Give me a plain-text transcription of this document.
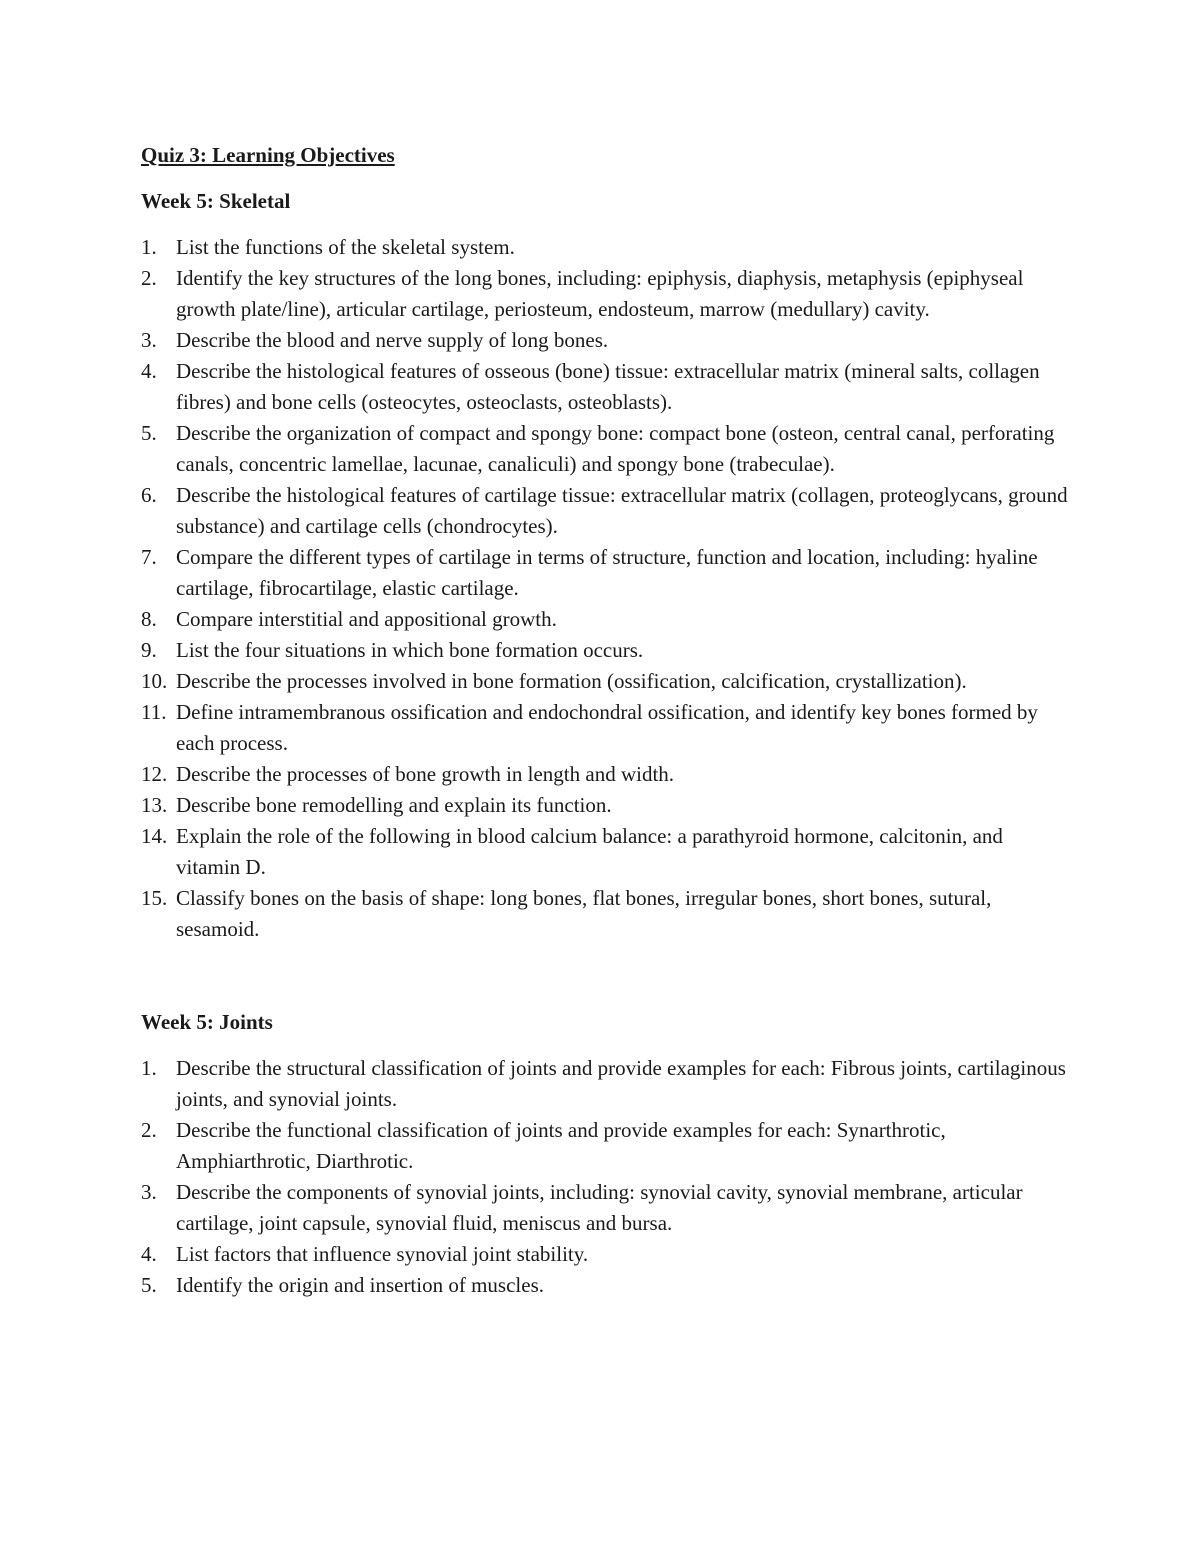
Quiz 3: Learning Objectives
Week 5: Skeletal
1. List the functions of the skeletal system.
2. Identify the key structures of the long bones, including: epiphysis, diaphysis, metaphysis (epiphyseal growth plate/line), articular cartilage, periosteum, endosteum, marrow (medullary) cavity.
3. Describe the blood and nerve supply of long bones.
4. Describe the histological features of osseous (bone) tissue: extracellular matrix (mineral salts, collagen fibres) and bone cells (osteocytes, osteoclasts, osteoblasts).
5. Describe the organization of compact and spongy bone: compact bone (osteon, central canal, perforating canals, concentric lamellae, lacunae, canaliculi) and spongy bone (trabeculae).
6. Describe the histological features of cartilage tissue: extracellular matrix (collagen, proteoglycans, ground substance) and cartilage cells (chondrocytes).
7. Compare the different types of cartilage in terms of structure, function and location, including: hyaline cartilage, fibrocartilage, elastic cartilage.
8. Compare interstitial and appositional growth.
9. List the four situations in which bone formation occurs.
10. Describe the processes involved in bone formation (ossification, calcification, crystallization).
11. Define intramembranous ossification and endochondral ossification, and identify key bones formed by each process.
12. Describe the processes of bone growth in length and width.
13. Describe bone remodelling and explain its function.
14. Explain the role of the following in blood calcium balance: a parathyroid hormone, calcitonin, and vitamin D.
15. Classify bones on the basis of shape: long bones, flat bones, irregular bones, short bones, sutural, sesamoid.
Week 5: Joints
1. Describe the structural classification of joints and provide examples for each: Fibrous joints, cartilaginous joints, and synovial joints.
2. Describe the functional classification of joints and provide examples for each: Synarthrotic, Amphiarthrotic, Diarthrotic.
3. Describe the components of synovial joints, including: synovial cavity, synovial membrane, articular cartilage, joint capsule, synovial fluid, meniscus and bursa.
4. List factors that influence synovial joint stability.
5. Identify the origin and insertion of muscles.
